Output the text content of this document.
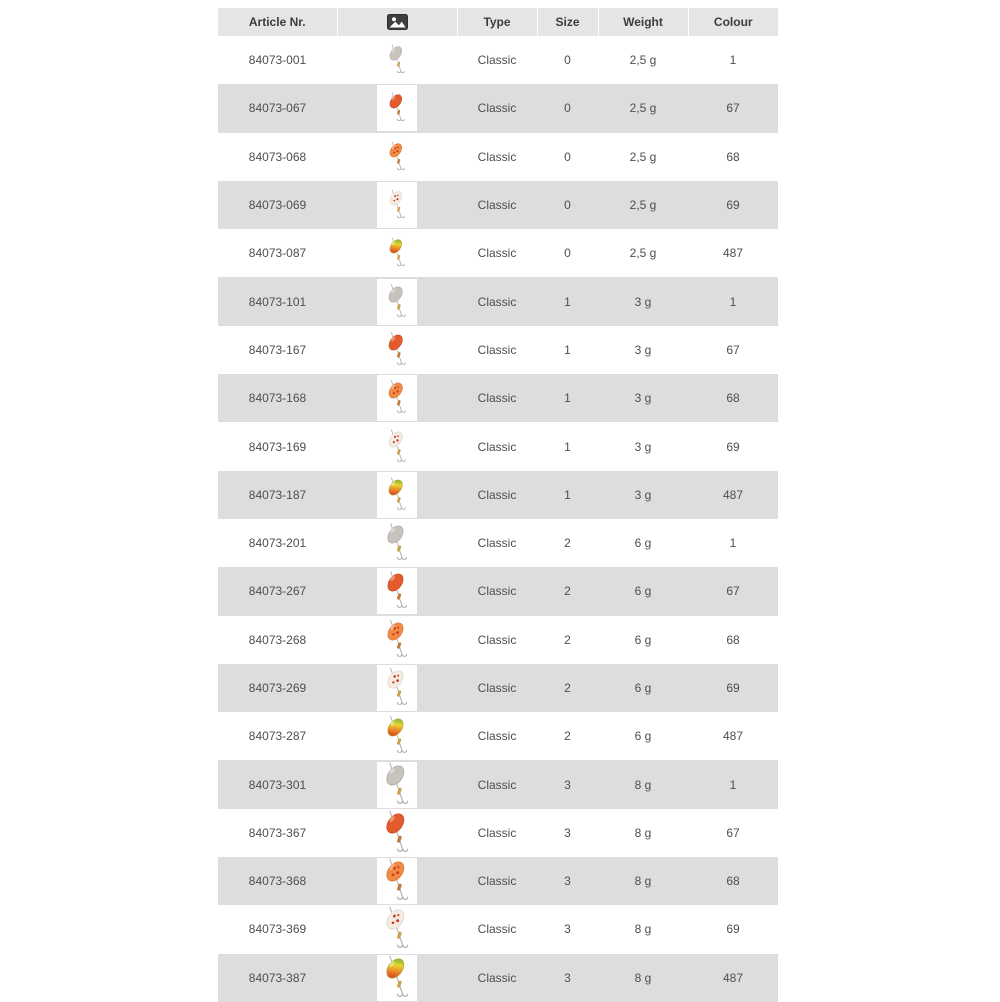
Article Nr.		Type	Size	Weight	Colour
84073-001		Classic	0	2,5 g	1
84073-067		Classic	0	2,5 g	67
84073-068		Classic	0	2,5 g	68
84073-069		Classic	0	2,5 g	69
84073-087		Classic	0	2,5 g	487
84073-101		Classic	1	3 g	1
84073-167		Classic	1	3 g	67
84073-168		Classic	1	3 g	68
84073-169		Classic	1	3 g	69
84073-187		Classic	1	3 g	487
84073-201		Classic	2	6 g	1
84073-267		Classic	2	6 g	67
84073-268		Classic	2	6 g	68
84073-269		Classic	2	6 g	69
84073-287		Classic	2	6 g	487
84073-301		Classic	3	8 g	1
84073-367		Classic	3	8 g	67
84073-368		Classic	3	8 g	68
84073-369		Classic	3	8 g	69
84073-387		Classic	3	8 g	487
